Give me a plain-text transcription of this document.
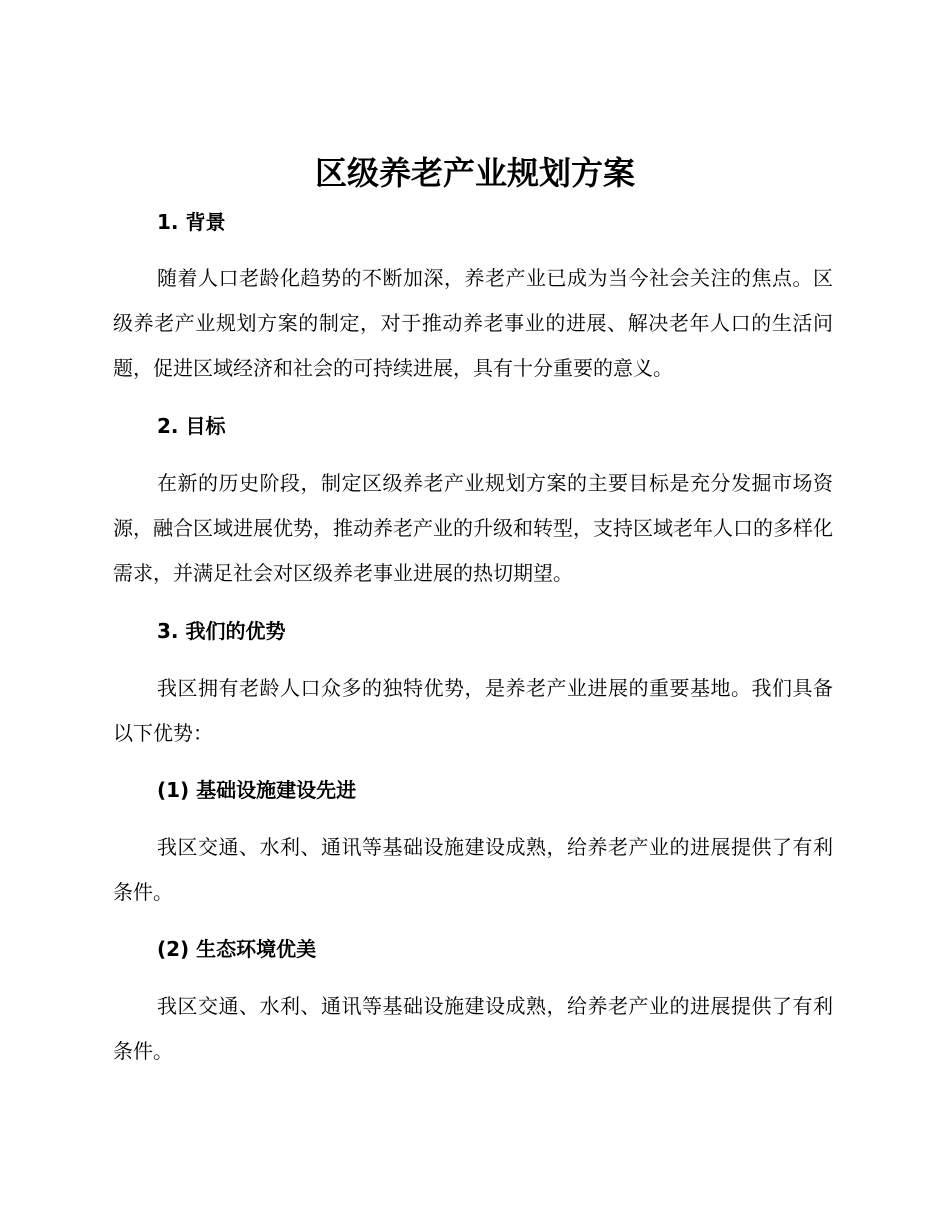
区级养老产业规划方案
1. 背景
随着人口老龄化趋势的不断加深，养老产业已成为当今社会关注的焦点。区级养老产业规划方案的制定，对于推动养老事业的进展、解决老年人口的生活问题，促进区域经济和社会的可持续进展，具有十分重要的意义。
2. 目标
在新的历史阶段，制定区级养老产业规划方案的主要目标是充分发掘市场资源，融合区域进展优势，推动养老产业的升级和转型，支持区域老年人口的多样化需求，并满足社会对区级养老事业进展的热切期望。
3. 我们的优势
我区拥有老龄人口众多的独特优势，是养老产业进展的重要基地。我们具备以下优势：
(1) 基础设施建设先进
我区交通、水利、通讯等基础设施建设成熟，给养老产业的进展提供了有利条件。
(2) 生态环境优美
我区交通、水利、通讯等基础设施建设成熟，给养老产业的进展提供了有利条件。
